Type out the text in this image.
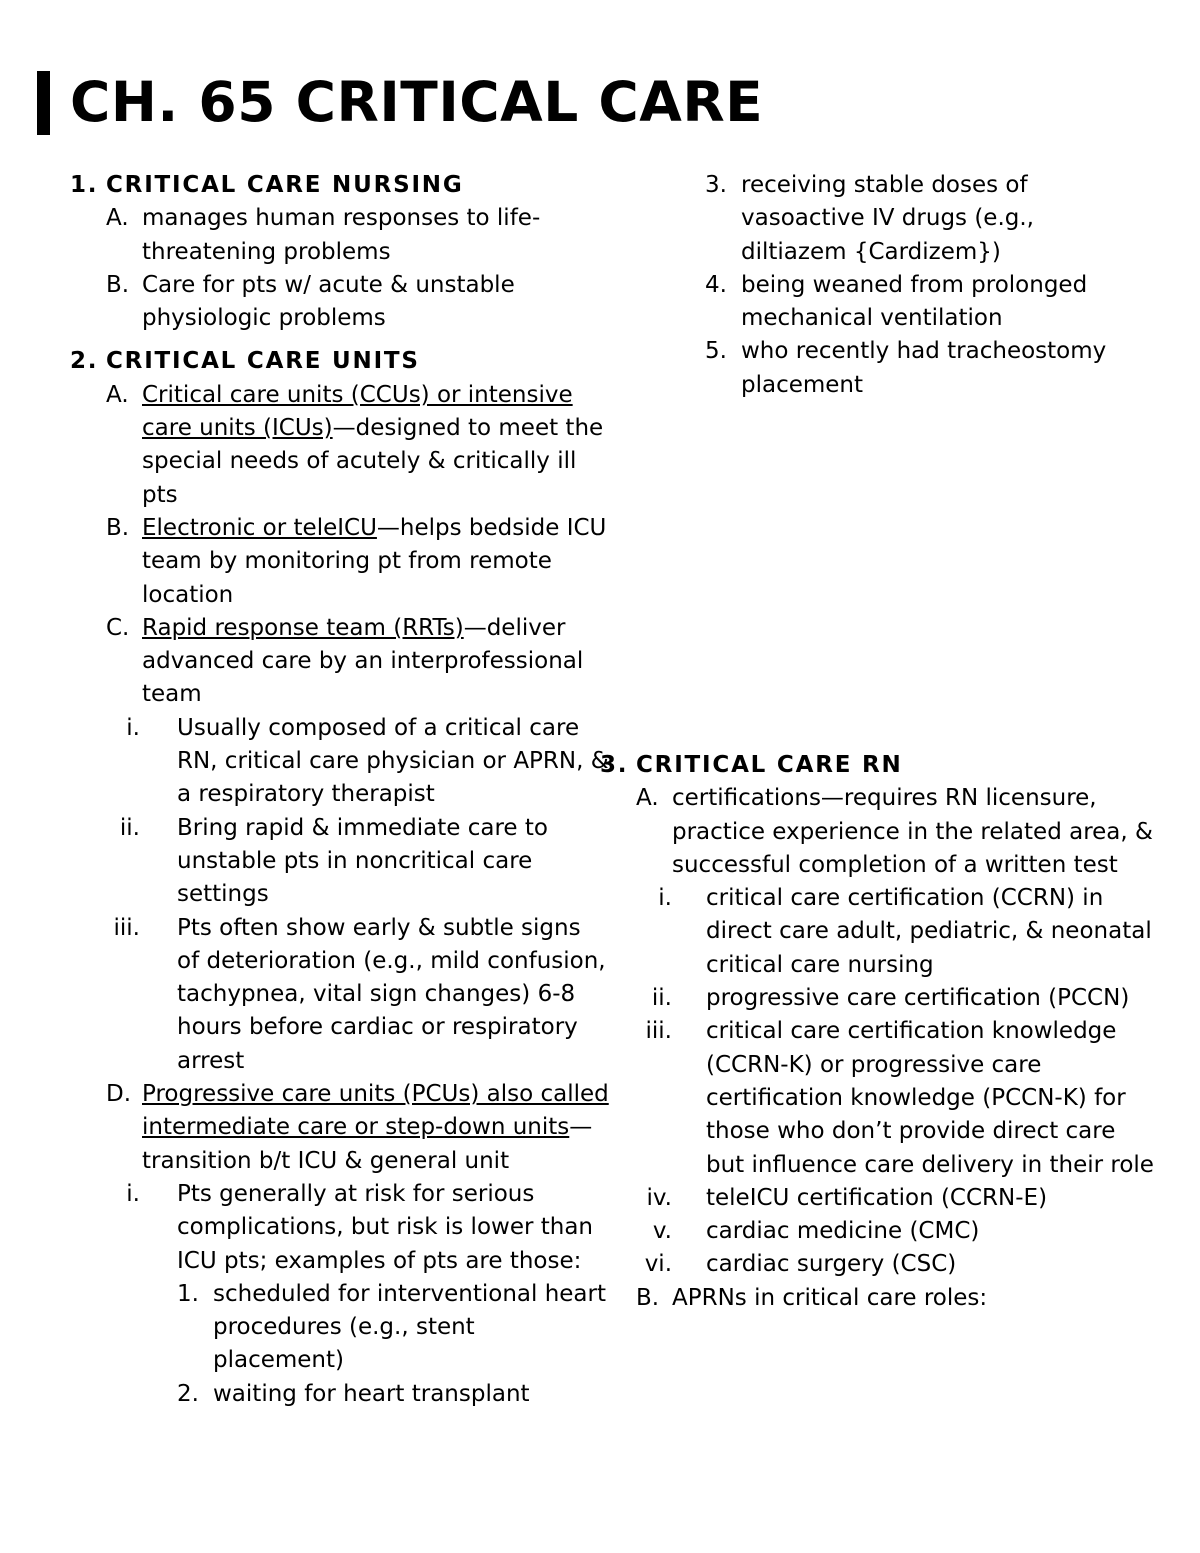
CH. 65 CRITICAL CARE
1. CRITICAL CARE NURSING
A. manages human responses to life-threatening problems
B. Care for pts w/ acute & unstable physiologic problems
2. CRITICAL CARE UNITS
A. Critical care units (CCUs) or intensive care units (ICUs)—designed to meet the special needs of acutely & critically ill pts
B. Electronic or teleICU—helps bedside ICU team by monitoring pt from remote location
C. Rapid response team (RRTs)—deliver advanced care by an interprofessional team
i. Usually composed of a critical care RN, critical care physician or APRN, & a respiratory therapist
ii. Bring rapid & immediate care to unstable pts in noncritical care settings
iii. Pts often show early & subtle signs of deterioration (e.g., mild confusion, tachypnea, vital sign changes) 6-8 hours before cardiac or respiratory arrest
D. Progressive care units (PCUs) also called intermediate care or step-down units—transition b/t ICU & general unit
i. Pts generally at risk for serious complications, but risk is lower than ICU pts; examples of pts are those:
1. scheduled for interventional heart procedures (e.g., stent placement)
2. waiting for heart transplant
3. receiving stable doses of vasoactive IV drugs (e.g., diltiazem {Cardizem})
4. being weaned from prolonged mechanical ventilation
5. who recently had tracheostomy placement
3. CRITICAL CARE RN
A. certifications—requires RN licensure, practice experience in the related area, & successful completion of a written test
i. critical care certification (CCRN) in direct care adult, pediatric, & neonatal critical care nursing
ii. progressive care certification (PCCN)
iii. critical care certification knowledge (CCRN-K) or progressive care certification knowledge (PCCN-K) for those who don’t provide direct care but influence care delivery in their role
iv. teleICU certification (CCRN-E)
v. cardiac medicine (CMC)
vi. cardiac surgery (CSC)
B. APRNs in critical care roles:
